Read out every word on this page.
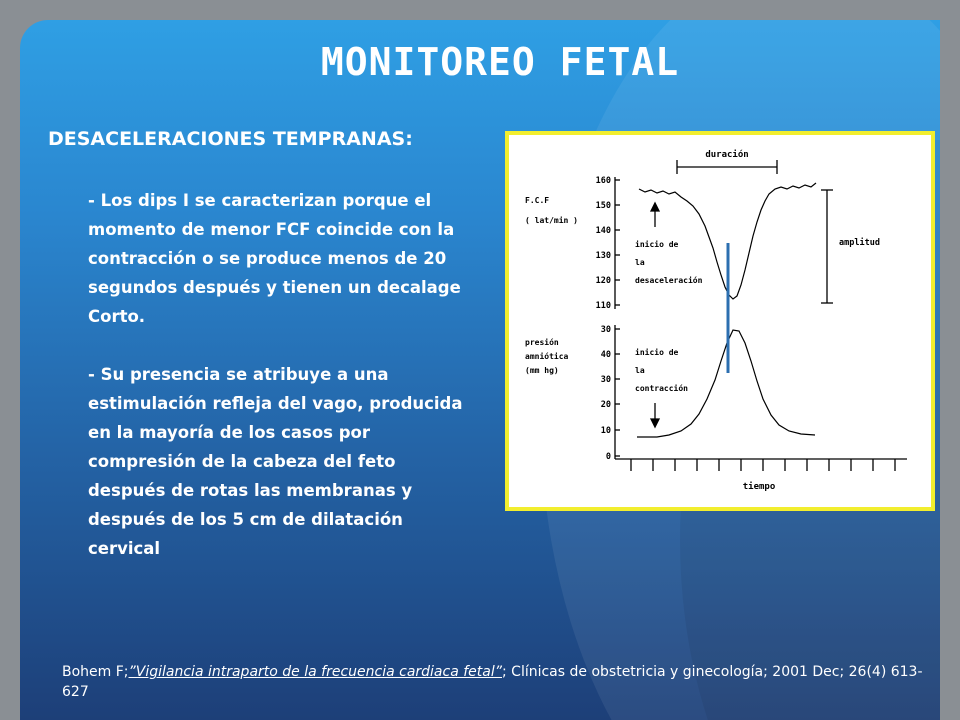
MONITOREO FETAL
DESACELERACIONES TEMPRANAS:

- Los dips I se caracterizan porque el
momento de menor FCF coincide con la
contracción o se produce menos de 20
segundos después y tienen un decalage
Corto.

- Su presencia se atribuye a una
estimulación refleja del vago, producida
en la mayoría de los casos por
compresión de la cabeza del feto
después de rotas las membranas y
después de los 5 cm de dilatación
cervical

duración
F.C.F
( lat/min )
160
150
140
130
120
110
inicio de
la
desaceleración
amplitud
presión
amniótica
(mm hg)
30
40
30
20
10
0
inicio de
la
contracción
tiempo
Bohem F;”Vigilancia intraparto de la frecuencia cardiaca fetal”; Clínicas de obstetricia y ginecología; 2001 Dec; 26(4) 613-627
